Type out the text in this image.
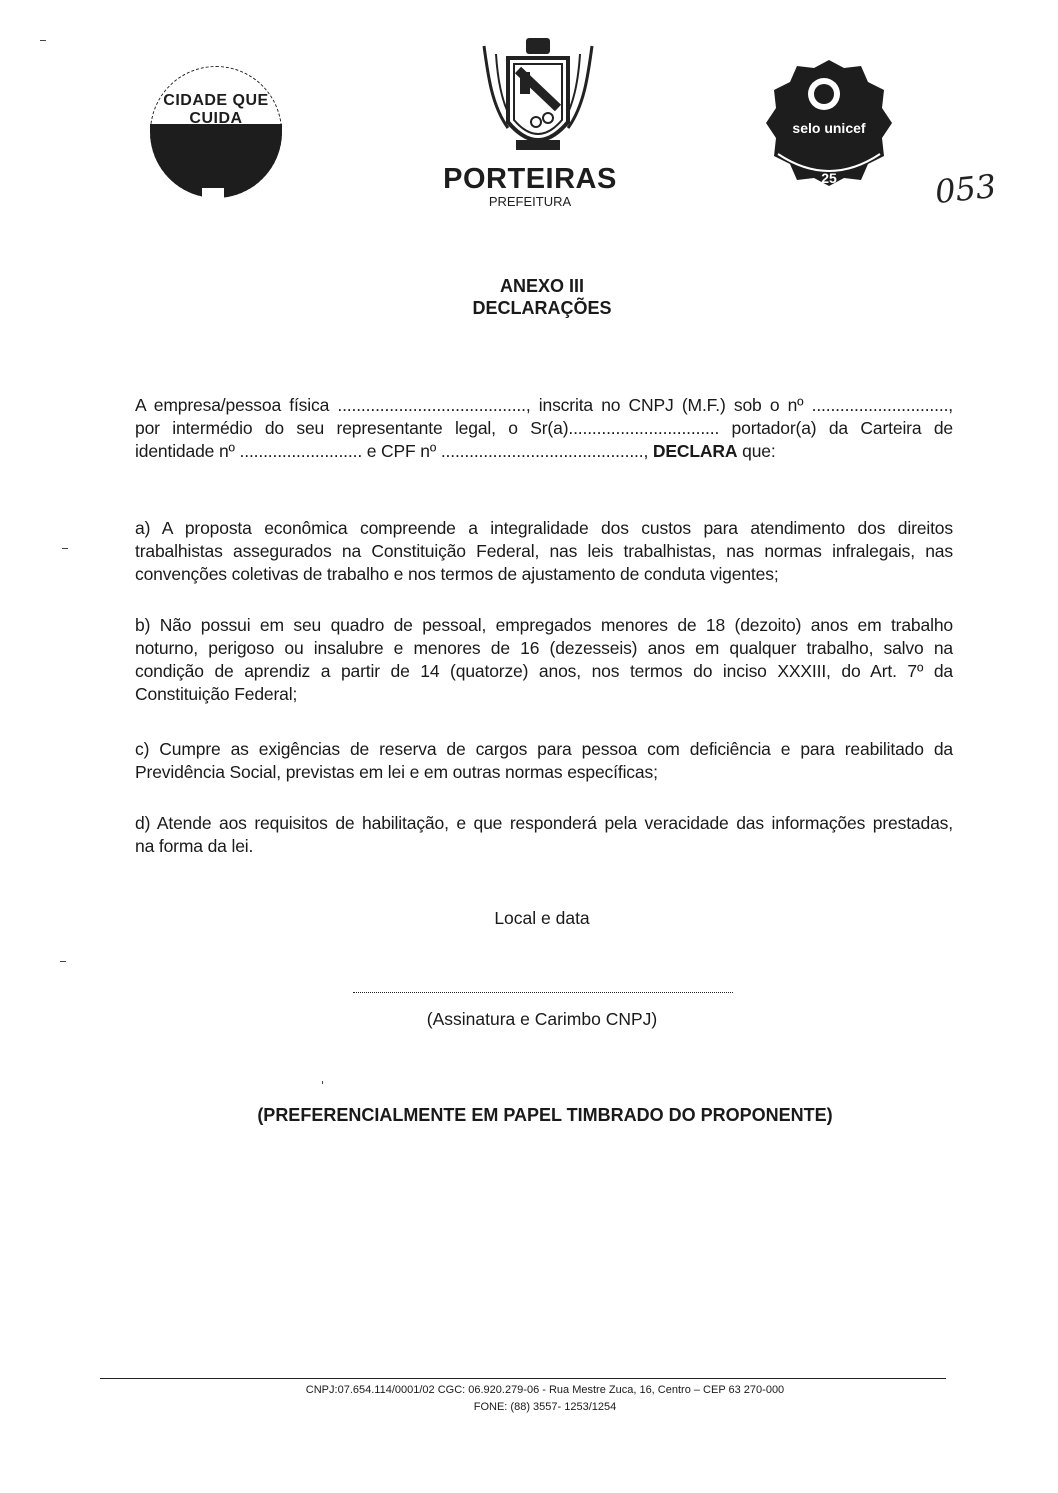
CIDADE QUE CUIDA
PORTEIRAS
PREFEITURA
selo unicef
25	053
ANEXO III
DECLARAÇÕES
A empresa/pessoa física ........................................, inscrita no CNPJ (M.F.) sob o nº .............................,
por intermédio do seu representante legal, o Sr(a)................................ portador(a) da Carteira de
identidade nº .......................... e CPF nº ..........................................., DECLARA que:
a) A proposta econômica compreende a integralidade dos custos para atendimento dos direitos
trabalhistas assegurados na Constituição Federal, nas leis trabalhistas, nas normas infralegais, nas
convenções coletivas de trabalho e nos termos de ajustamento de conduta vigentes;
b) Não possui em seu quadro de pessoal, empregados menores de 18 (dezoito) anos em trabalho
noturno, perigoso ou insalubre e menores de 16 (dezesseis) anos em qualquer trabalho, salvo na
condição de aprendiz a partir de 14 (quatorze) anos, nos termos do inciso XXXIII, do Art. 7º da
Constituição Federal;
c) Cumpre as exigências de reserva de cargos para pessoa com deficiência e para reabilitado da
Previdência Social, previstas em lei e em outras normas específicas;
d) Atende aos requisitos de habilitação, e que responderá pela veracidade das informações prestadas,
na forma da lei.
Local e data
(Assinatura e Carimbo CNPJ)
(PREFERENCIALMENTE EM PAPEL TIMBRADO DO PROPONENTE)
CNPJ:07.654.114/0001/02 CGC: 06.920.279-06 - Rua Mestre Zuca, 16, Centro – CEP 63 270-000
FONE: (88) 3557- 1253/1254
